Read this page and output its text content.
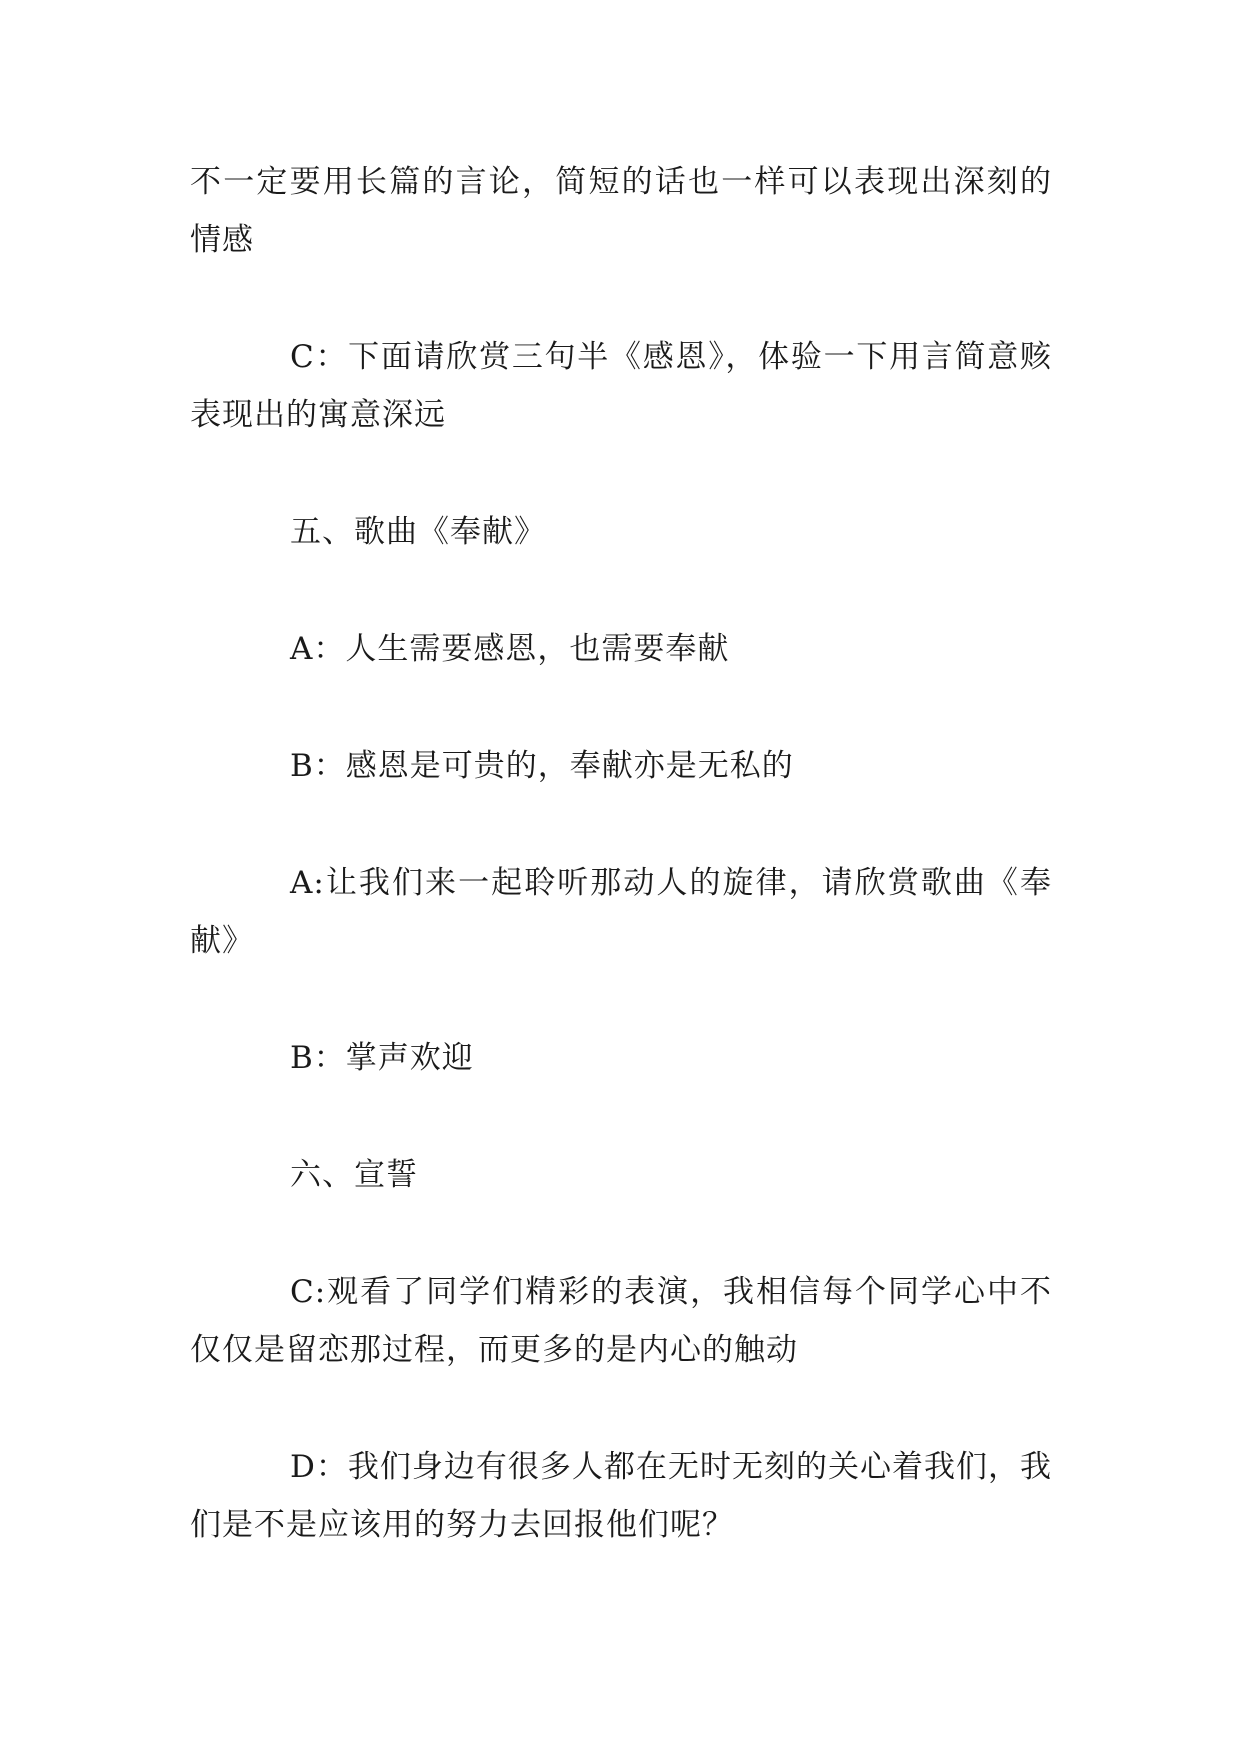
不一定要用长篇的言论，简短的话也一样可以表现出深刻的情感

C：下面请欣赏三句半《感恩》，体验一下用言简意赅表现出的寓意深远

五、歌曲《奉献》

A：人生需要感恩，也需要奉献

B：感恩是可贵的，奉献亦是无私的

A:让我们来一起聆听那动人的旋律，请欣赏歌曲《奉献》

B：掌声欢迎

六、宣誓

C:观看了同学们精彩的表演，我相信每个同学心中不仅仅是留恋那过程，而更多的是内心的触动

D：我们身边有很多人都在无时无刻的关心着我们，我们是不是应该用的努力去回报他们呢？
